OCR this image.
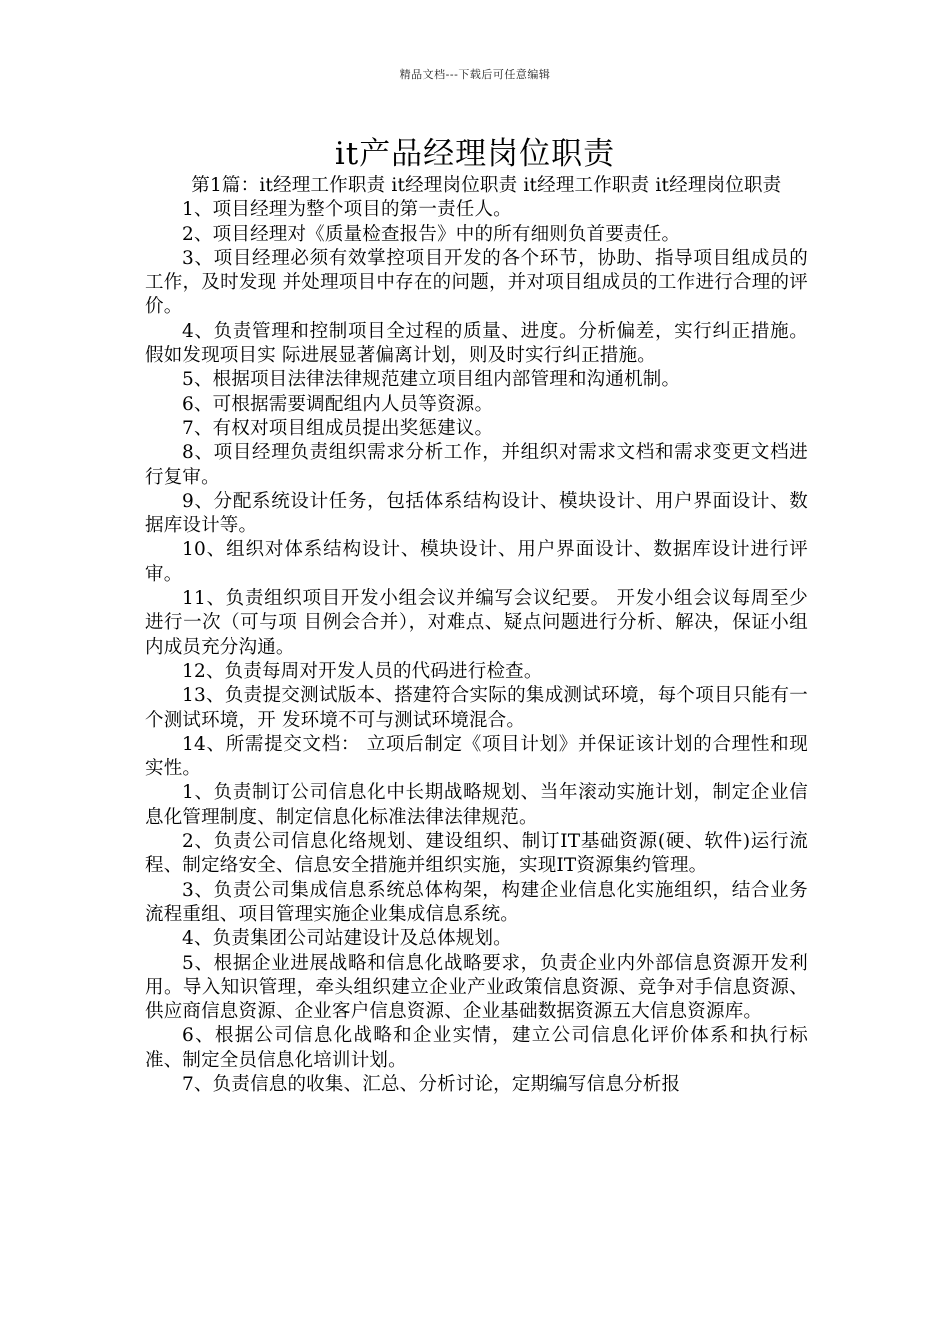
精品文档---下载后可任意编辑
it产品经理岗位职责

第1篇：it经理工作职责 it经理岗位职责 it经理工作职责 it经理岗位职责

1、项目经理为整个项目的第一责任人。

2、项目经理对《质量检查报告》中的所有细则负首要责任。

3、项目经理必须有效掌控项目开发的各个环节，协助、指导项目组成员的工作，及时发现 并处理项目中存在的问题，并对项目组成员的工作进行合理的评价。

4、负责管理和控制项目全过程的质量、进度。分析偏差，实行纠正措施。假如发现项目实 际进展显著偏离计划，则及时实行纠正措施。

5、根据项目法律法律规范建立项目组内部管理和沟通机制。

6、可根据需要调配组内人员等资源。

7、有权对项目组成员提出奖惩建议。

8、项目经理负责组织需求分析工作，并组织对需求文档和需求变更文档进行复审。

9、分配系统设计任务，包括体系结构设计、模块设计、用户界面设计、数据库设计等。

10、组织对体系结构设计、模块设计、用户界面设计、数据库设计进行评审。

11、负责组织项目开发小组会议并编写会议纪要。 开发小组会议每周至少进行一次（可与项 目例会合并），对难点、疑点问题进行分析、解决，保证小组内成员充分沟通。

12、负责每周对开发人员的代码进行检查。

13、负责提交测试版本、搭建符合实际的集成测试环境，每个项目只能有一个测试环境，开 发环境不可与测试环境混合。

14、所需提交文档： 立项后制定《项目计划》并保证该计划的合理性和现实性。

1、负责制订公司信息化中长期战略规划、当年滚动实施计划，制定企业信息化管理制度、制定信息化标准法律法律规范。

2、负责公司信息化络规划、建设组织、制订IT基础资源(硬、软件)运行流程、制定络安全、信息安全措施并组织实施，实现IT资源集约管理。

3、负责公司集成信息系统总体构架，构建企业信息化实施组织，结合业务流程重组、项目管理实施企业集成信息系统。

4、负责集团公司站建设计及总体规划。

5、根据企业进展战略和信息化战略要求，负责企业内外部信息资源开发利用。导入知识管理，牵头组织建立企业产业政策信息资源、竞争对手信息资源、供应商信息资源、企业客户信息资源、企业基础数据资源五大信息资源库。

6、根据公司信息化战略和企业实情，建立公司信息化评价体系和执行标准、制定全员信息化培训计划。

7、负责信息的收集、汇总、分析讨论，定期编写信息分析报
